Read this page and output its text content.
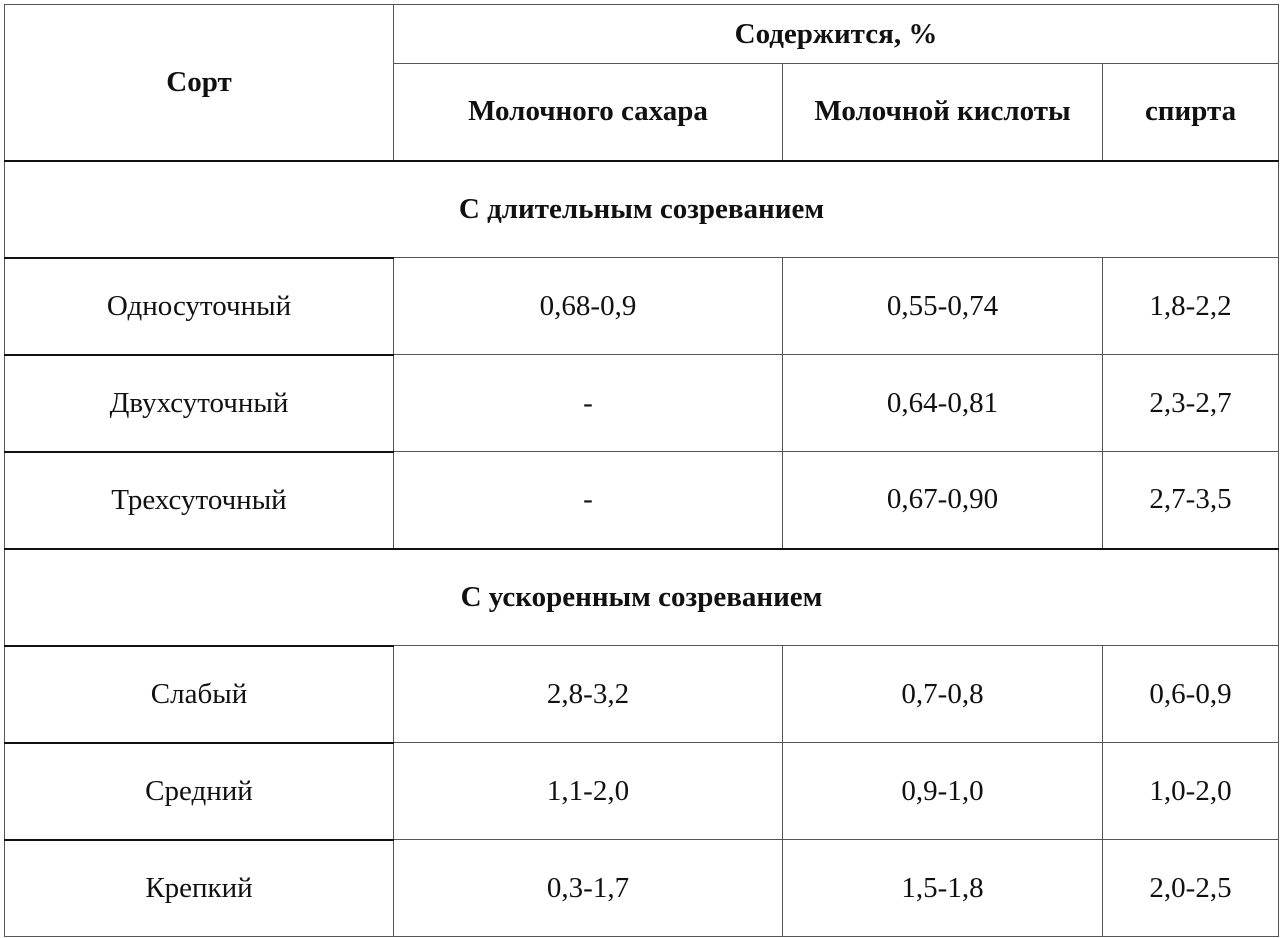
Сорт	Содержится, %		
	Молочного сахара	Молочной кислоты	спирта
С длительным созреванием			
Односуточный	0,68-0,9	0,55-0,74	1,8-2,2
Двухсуточный	-	0,64-0,81	2,3-2,7
Трехсуточный	-	0,67-0,90	2,7-3,5
С ускоренным созреванием			
Слабый	2,8-3,2	0,7-0,8	0,6-0,9
Средний	1,1-2,0	0,9-1,0	1,0-2,0
Крепкий	0,3-1,7	1,5-1,8	2,0-2,5
